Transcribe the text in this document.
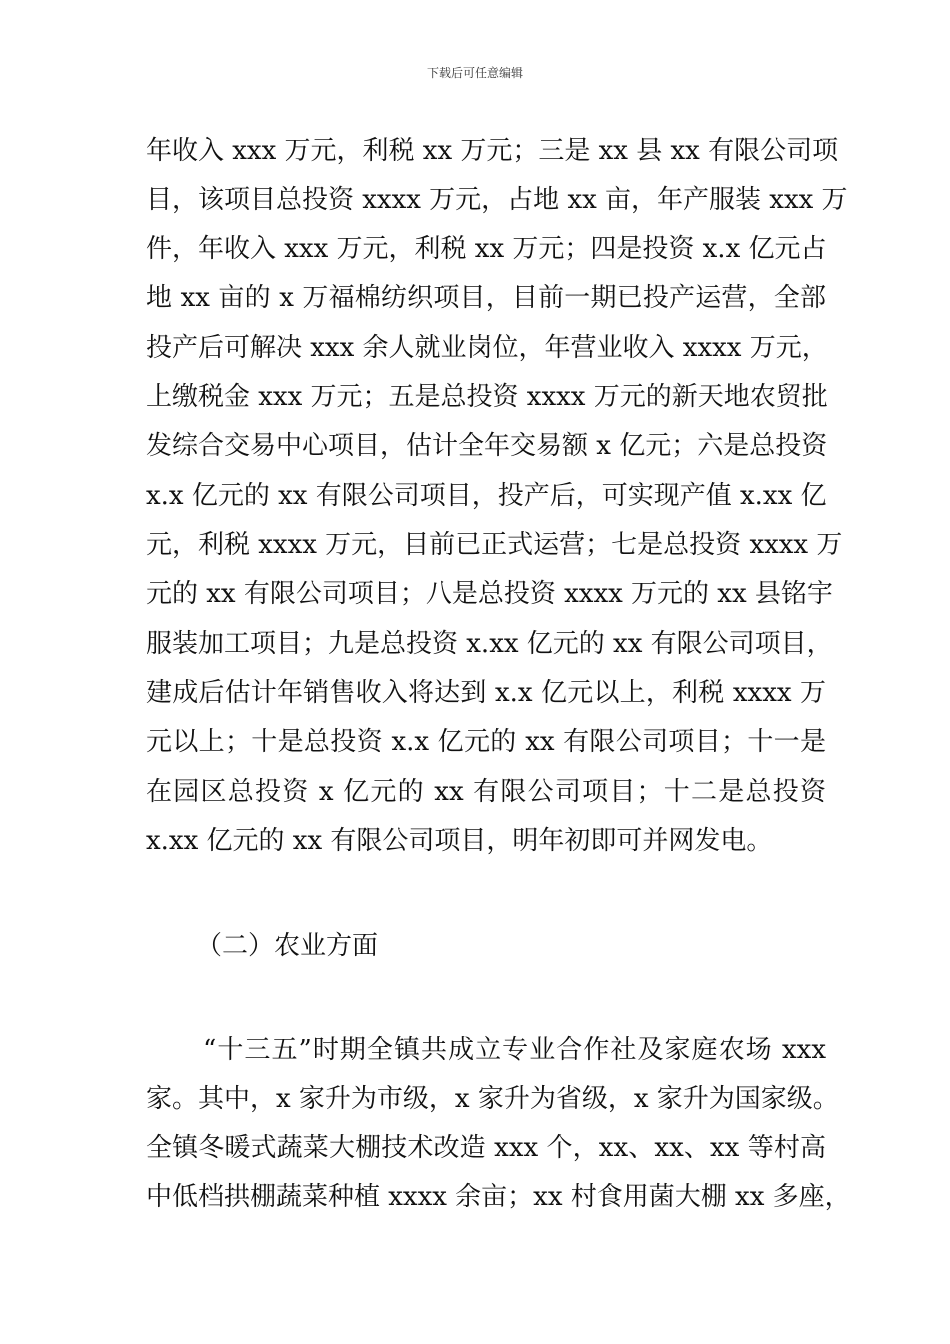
下载后可任意编辑
年收入 xxx 万元，利税 xx 万元；三是 xx 县 xx 有限公司项
目，该项目总投资 xxxx 万元，占地 xx 亩，年产服装 xxx 万
件，年收入 xxx 万元，利税 xx 万元；四是投资 x.x 亿元占
地 xx 亩的 x 万福棉纺织项目，目前一期已投产运营，全部
投产后可解决 xxx 余人就业岗位，年营业收入 xxxx 万元，
上缴税金 xxx 万元；五是总投资 xxxx 万元的新天地农贸批
发综合交易中心项目，估计全年交易额 x 亿元；六是总投资
x.x 亿元的 xx 有限公司项目，投产后，可实现产值 x.xx 亿
元，利税 xxxx 万元，目前已正式运营；七是总投资 xxxx 万
元的 xx 有限公司项目；八是总投资 xxxx 万元的 xx 县铭宇
服装加工项目；九是总投资 x.xx 亿元的 xx 有限公司项目，
建成后估计年销售收入将达到 x.x 亿元以上，利税 xxxx 万
元以上；十是总投资 x.x 亿元的 xx 有限公司项目；十一是
在园区总投资 x 亿元的 xx 有限公司项目；十二是总投资
x.xx 亿元的 xx 有限公司项目，明年初即可并网发电。
（二）农业方面
“十三五”时期全镇共成立专业合作社及家庭农场 xxx
家。其中，x 家升为市级，x 家升为省级，x 家升为国家级。
全镇冬暖式蔬菜大棚技术改造 xxx 个，xx、xx、xx 等村高
中低档拱棚蔬菜种植 xxxx 余亩；xx 村食用菌大棚 xx 多座，
